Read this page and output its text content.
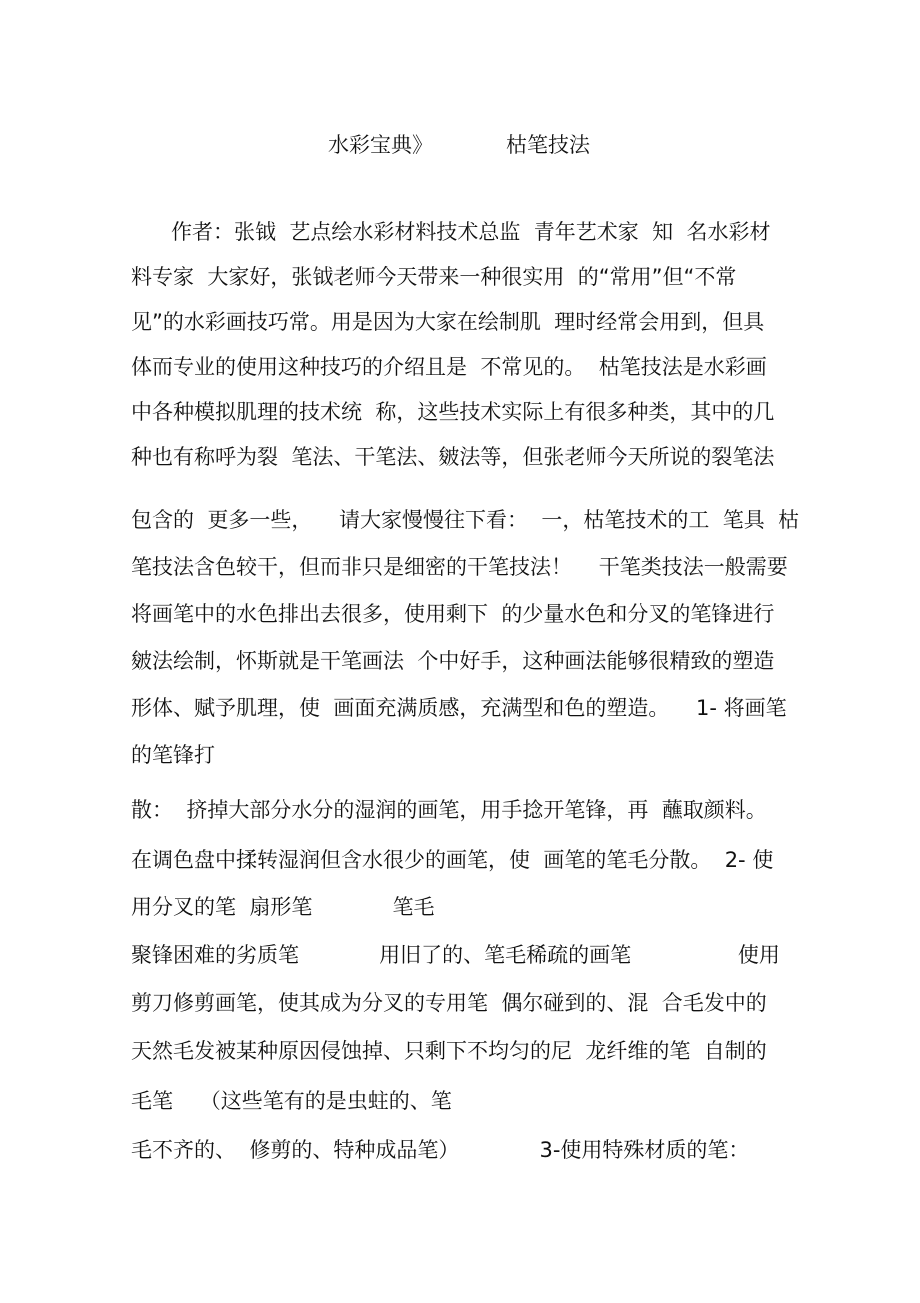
水彩宝典》	枯笔技法
作者：张钺  艺点绘水彩材料技术总监  青年艺术家  知  名水彩材
料专家  大家好，张钺老师今天带来一种很实用  的“常用”但“不常
见”的水彩画技巧常。用是因为大家在绘制肌  理时经常会用到，但具
体而专业的使用这种技巧的介绍且是  不常见的。  枯笔技法是水彩画
中各种模拟肌理的技术统  称，这些技术实际上有很多种类，其中的几
种也有称呼为裂  笔法、干笔法、皴法等，但张老师今天所说的裂笔法
包含的  更多一些，    请大家慢慢往下看：  一，枯笔技术的工  笔具  枯
笔技法含色较干，但而非只是细密的干笔技法！    干笔类技法一般需要
将画笔中的水色排出去很多，使用剩下  的少量水色和分叉的笔锋进行
皴法绘制，怀斯就是干笔画法  个中好手，这种画法能够很精致的塑造
形体、赋予肌理，使  画面充满质感，充满型和色的塑造。    1- 将画笔
的笔锋打
散：  挤掉大部分水分的湿润的画笔，用手捻开笔锋，再  蘸取颜料。
在调色盘中揉转湿润但含水很少的画笔，使  画笔的笔毛分散。  2- 使
用分叉的笔  扇形笔            笔毛
聚锋困难的劣质笔            用旧了的、笔毛稀疏的画笔                使用
剪刀修剪画笔，使其成为分叉的专用笔  偶尔碰到的、混  合毛发中的
天然毛发被某种原因侵蚀掉、只剩下不均匀的尼  龙纤维的笔  自制的
毛笔    （这些笔有的是虫蛀的、笔
毛不齐的、  修剪的、特种成品笔）            3-使用特殊材质的笔：
